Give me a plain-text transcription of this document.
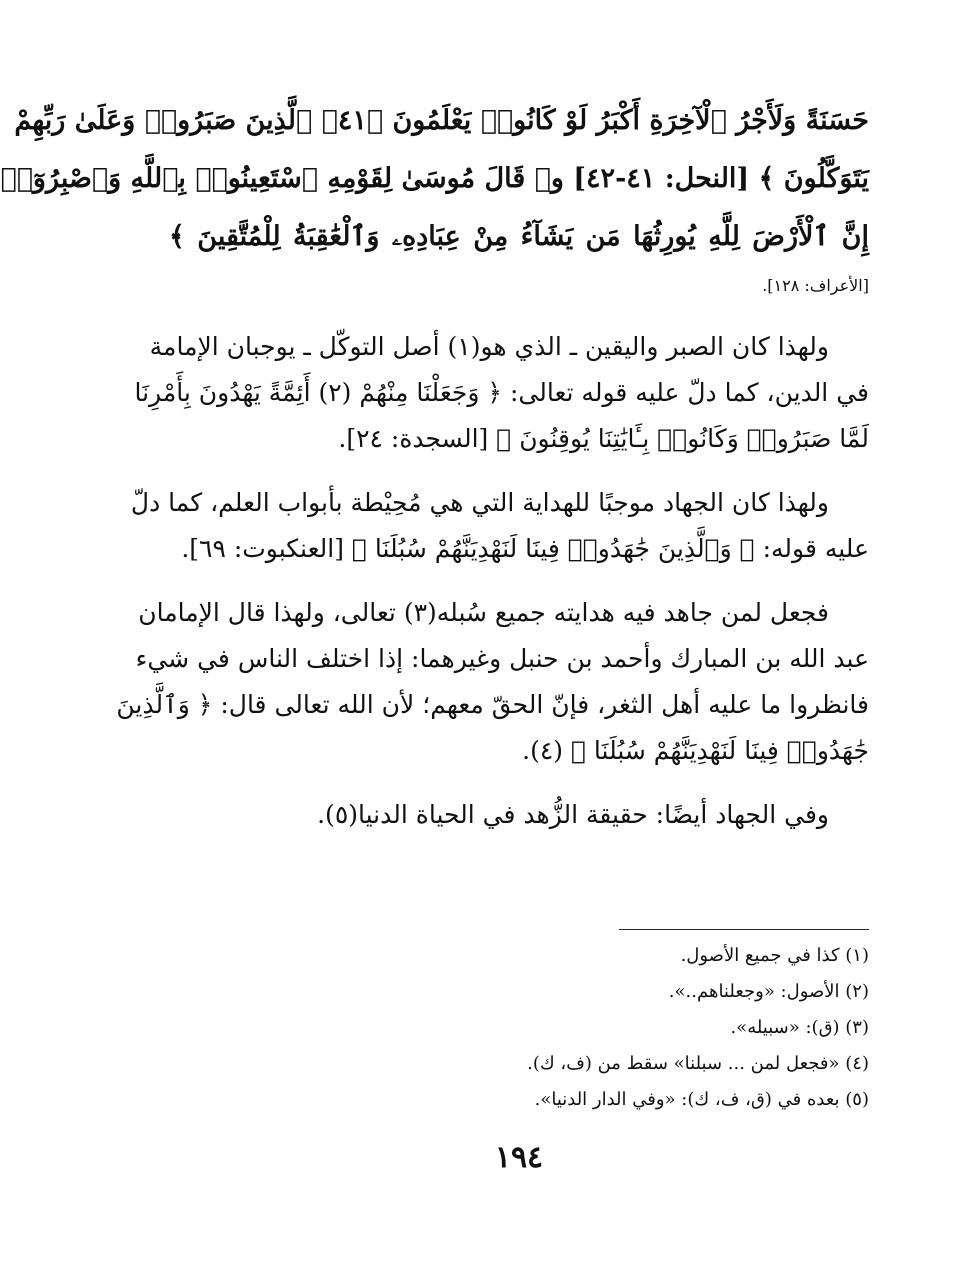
حَسَنَةً وَلَأَجْرُ ٱلْآخِرَةِ أَكْبَرُ لَوْ كَانُوا۟ يَعْلَمُونَ ﴿٤١﴾ ٱلَّذِينَ صَبَرُوا۟ وَعَلَىٰ رَبِّهِمْ
يَتَوَكَّلُونَ ﴾ [النحل: ٤١-٤٢] و﴿ قَالَ مُوسَىٰ لِقَوْمِهِ ٱسْتَعِينُوا۟ بِٱللَّهِ وَٱصْبِرُوٓا۟
إِنَّ ٱلْأَرْضَ لِلَّهِ يُورِثُهَا مَن يَشَآءُ مِنْ عِبَادِهِۦ وَٱلْعَٰقِبَةُ لِلْمُتَّقِينَ ﴾
[الأعراف: ١٢٨].
ولهذا كان الصبر واليقين ـ الذي هو(١) أصل التوكّل ـ يوجبان الإمامة
في الدين، كما دلّ عليه قوله تعالى: ﴿ وَجَعَلْنَا مِنْهُمْ (٢) أَئِمَّةً يَهْدُونَ بِأَمْرِنَا
لَمَّا صَبَرُوا۟ وَكَانُوا۟ بِـَٔايَٰتِنَا يُوقِنُونَ ﴾ [السجدة: ٢٤].
ولهذا كان الجهاد موجبًا للهداية التي هي مُحِيْطة بأبواب العلم، كما دلّ
عليه قوله: ﴿ وَٱلَّذِينَ جَٰهَدُوا۟ فِينَا لَنَهْدِيَنَّهُمْ سُبُلَنَا ﴾ [العنكبوت: ٦٩].
فجعل لمن جاهد فيه هدايته جميع سُبله(٣) تعالى، ولهذا قال الإمامان
عبد الله بن المبارك وأحمد بن حنبل وغيرهما: إذا اختلف الناس في شيء
فانظروا ما عليه أهل الثغر، فإنّ الحقّ معهم؛ لأن الله تعالى قال: ﴿ وَٱلَّذِينَ
جَٰهَدُوا۟ فِينَا لَنَهْدِيَنَّهُمْ سُبُلَنَا ﴾ (٤).
وفي الجهاد أيضًا: حقيقة الزُّهد في الحياة الدنيا(٥).
(١) كذا في جميع الأصول.
(٢) الأصول: «وجعلناهم..».
(٣) (ق): «سبيله».
(٤) «فجعل لمن ... سبلنا» سقط من (ف، ك).
(٥) بعده في (ق، ف، ك): «وفي الدار الدنيا».
١٩٤
